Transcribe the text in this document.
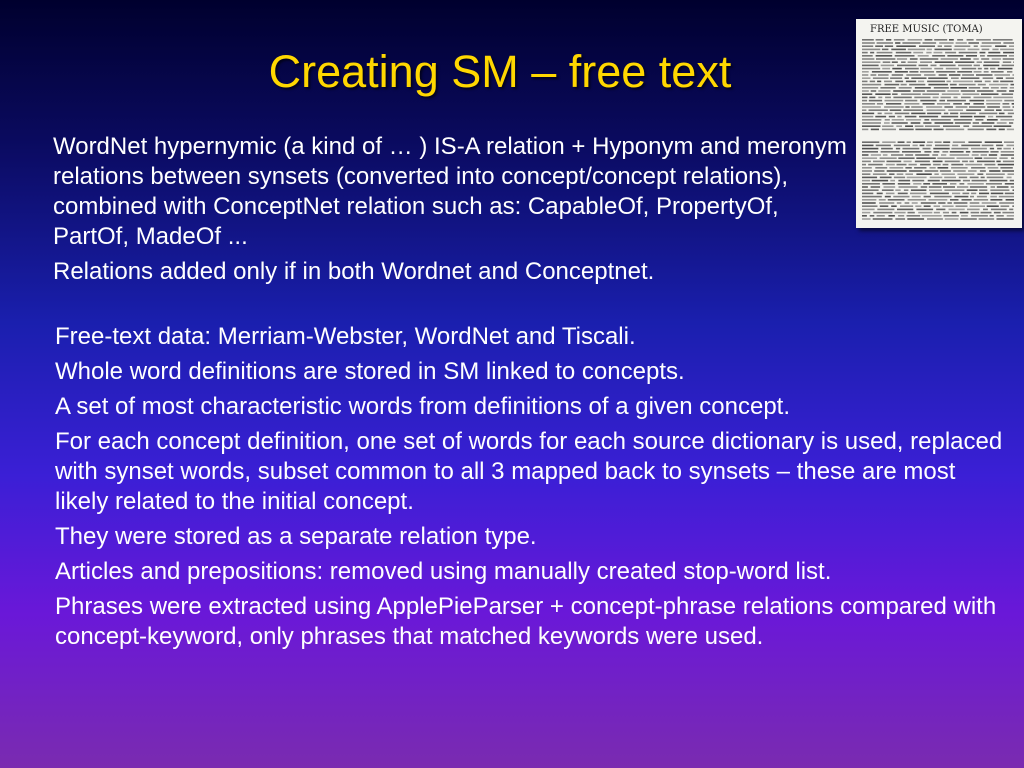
Creating SM – free text
FREE MUSIC (TOMA)

WordNet hypernymic (a kind of … ) IS-A relation + Hyponym and meronym relations between synsets (converted into concept/concept relations), combined with ConceptNet relation such as: CapableOf, PropertyOf, PartOf, MadeOf ...

Relations added only if in both Wordnet and Conceptnet.

Free-text data: Merriam-Webster, WordNet and Tiscali.

Whole word definitions are stored in SM linked to concepts.

A set of most characteristic words from definitions of a given concept.

For each concept definition, one set of words for each source dictionary is used, replaced with synset words, subset common to all 3 mapped back to synsets – these are most likely related to the initial concept.

They were stored as a separate relation type.

Articles and prepositions: removed using manually created stop-word list.

Phrases were extracted using ApplePieParser + concept-phrase relations compared with concept-keyword, only phrases that matched keywords were used.
